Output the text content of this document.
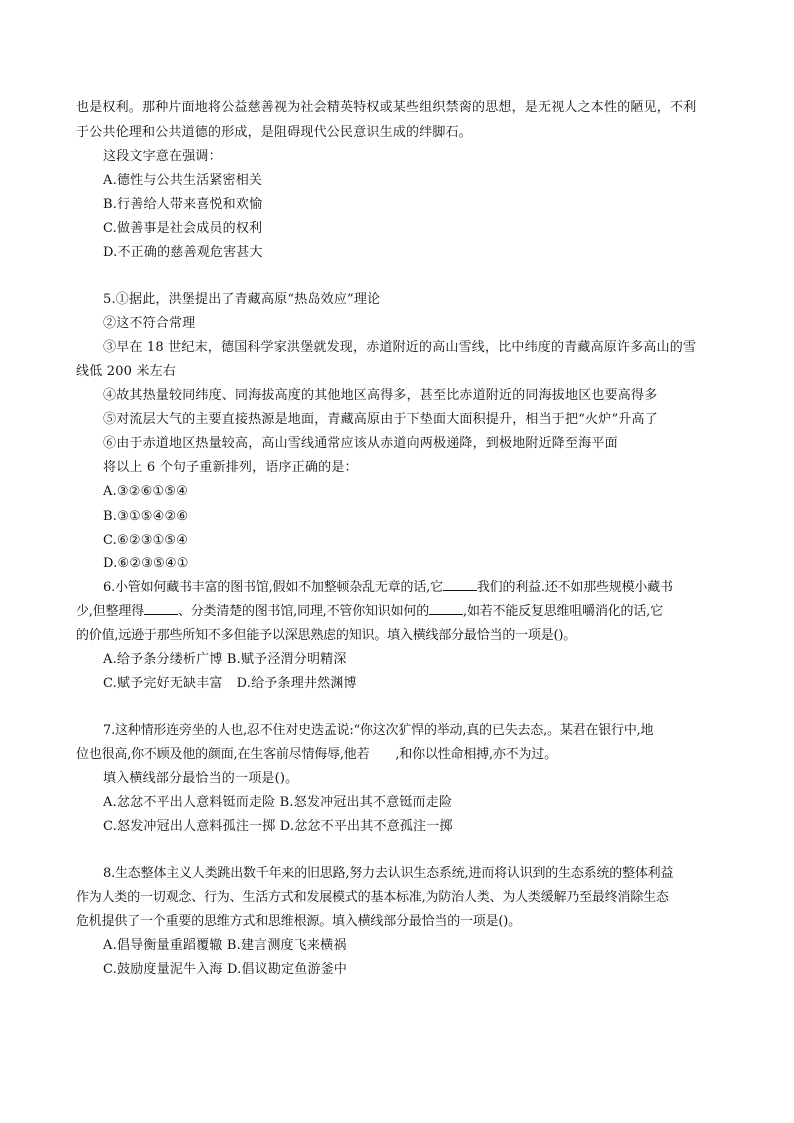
也是权利。那种片面地将公益慈善视为社会精英特权或某些组织禁脔的思想，是无视人之本性的陋见，不利
于公共伦理和公共道德的形成，是阻碍现代公民意识生成的绊脚石。
这段文字意在强调：
A.德性与公共生活紧密相关
B.行善给人带来喜悦和欢愉
C.做善事是社会成员的权利
D.不正确的慈善观危害甚大
5.①据此，洪堡提出了青藏高原“热岛效应”理论
②这不符合常理
③早在 18 世纪末，德国科学家洪堡就发现，赤道附近的高山雪线，比中纬度的青藏高原许多高山的雪
线低 200 米左右
④故其热量较同纬度、同海拔高度的其他地区高得多，甚至比赤道附近的同海拔地区也要高得多
⑤对流层大气的主要直接热源是地面，青藏高原由于下垫面大面积提升，相当于把“火炉”升高了
⑥由于赤道地区热量较高，高山雪线通常应该从赤道向两极递降，到极地附近降至海平面
将以上 6 个句子重新排列，语序正确的是：
A.③②⑥①⑤④
B.③①⑤④②⑥
C.⑥②③①⑤④
D.⑥②③⑤④①
6.小管如何藏书丰富的图书馆,假如不加整顿杂乱无章的话,它	我们的利益.还不如那些规模小藏书
少,但整理得	、分类清楚的图书馆,同理,不管你知识如何的	,如若不能反复思维咀嚼消化的话,它
的价值,远逊于那些所知不多但能予以深思熟虑的知识。填入横线部分最恰当的一项是()。
A.给予条分缕析广博 B.赋予泾渭分明精深
C.赋予完好无缺丰富 D.给予条理井然渊博
7.这种情形连旁坐的人也,忍不住对史迭孟说:“你这次犷悍的举动,真的已失去态,。某君在银行中,地
位也很高,你不顾及他的颜面,在生客前尽情侮辱,他若 ,和你以性命相搏,亦不为过。
填入横线部分最恰当的一项是()。
A.忿忿不平出人意料铤而走险 B.怒发冲冠出其不意铤而走险
C.怒发冲冠出人意料孤注一掷 D.忿忿不平出其不意孤注一掷
8.生态整体主义人类跳出数千年来的旧思路,努力去认识生态系统,进而将认识到的生态系统的整体利益
作为人类的一切观念、行为、生活方式和发展模式的基本标准,为防治人类、为人类缓解乃至最终消除生态
危机提供了一个重要的思维方式和思维根源。填入横线部分最恰当的一项是()。
A.倡导衡量重蹈覆辙 B.建言测度飞来横祸
C.鼓励度量泥牛入海 D.倡议勘定鱼游釜中
